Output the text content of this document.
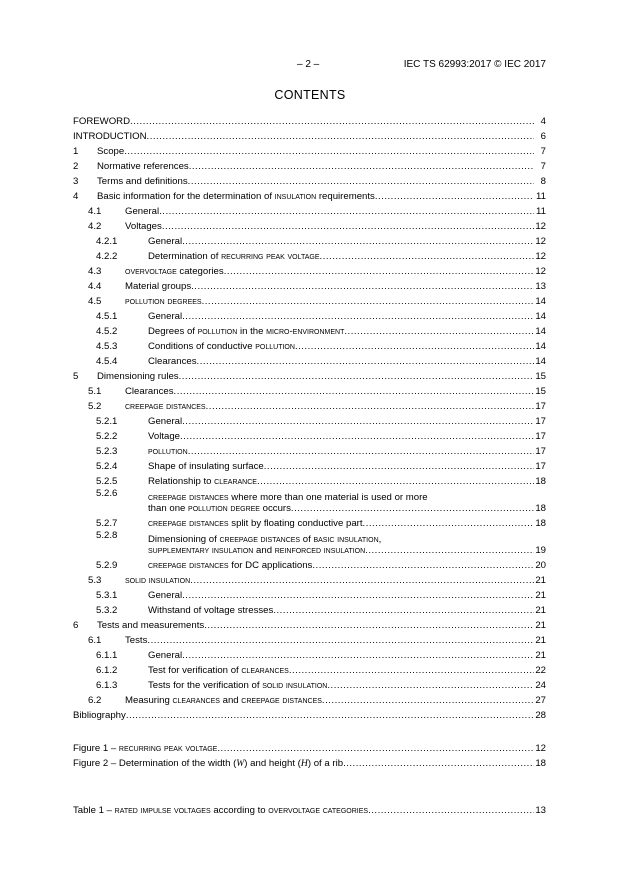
– 2 –	IEC TS 62993:2017 © IEC 2017
CONTENTS
FOREWORD .....	4
INTRODUCTION .....	6
1	Scope .....	7
2	Normative references .....	7
3	Terms and definitions .....	8
4	Basic information for the determination of insulation requirements .....	11
4.1	General .....	11
4.2	Voltages .....	12
4.2.1	General .....	12
4.2.2	Determination of recurring peak voltage .....	12
4.3	overvoltage categories .....	12
4.4	Material groups .....	13
4.5	pollution degrees .....	14
4.5.1	General .....	14
4.5.2	Degrees of pollution in the micro-environment .....	14
4.5.3	Conditions of conductive pollution .....	14
4.5.4	Clearances .....	14
5	Dimensioning rules .....	15
5.1	Clearances .....	15
5.2	creepage distances .....	17
5.2.1	General .....	17
5.2.2	Voltage .....	17
5.2.3	pollution .....	17
5.2.4	Shape of insulating surface .....	17
5.2.5	Relationship to clearance .....	18
5.2.6	creepage distances where more than one material is used or more
than one pollution degree occurs .....	18
5.2.7	creepage distances split by floating conductive part .....	18
5.2.8	Dimensioning of creepage distances of basic insulation,
supplementary insulation and reinforced insulation .....	19
5.2.9	creepage distances for DC applications .....	20
5.3	solid insulation .....	21
5.3.1	General .....	21
5.3.2	Withstand of voltage stresses .....	21
6	Tests and measurements .....	21
6.1	Tests .....	21
6.1.1	General .....	21
6.1.2	Test for verification of clearances .....	22
6.1.3	Tests for the verification of solid insulation .....	24
6.2	Measuring clearances and creepage distances .....	27
Bibliography .....	28
Figure 1 – recurring peak voltage .....	12
Figure 2 – Determination of the width (W) and height (H) of a rib .....	18
Table 1 – rated impulse voltages according to overvoltage categories .....	13
